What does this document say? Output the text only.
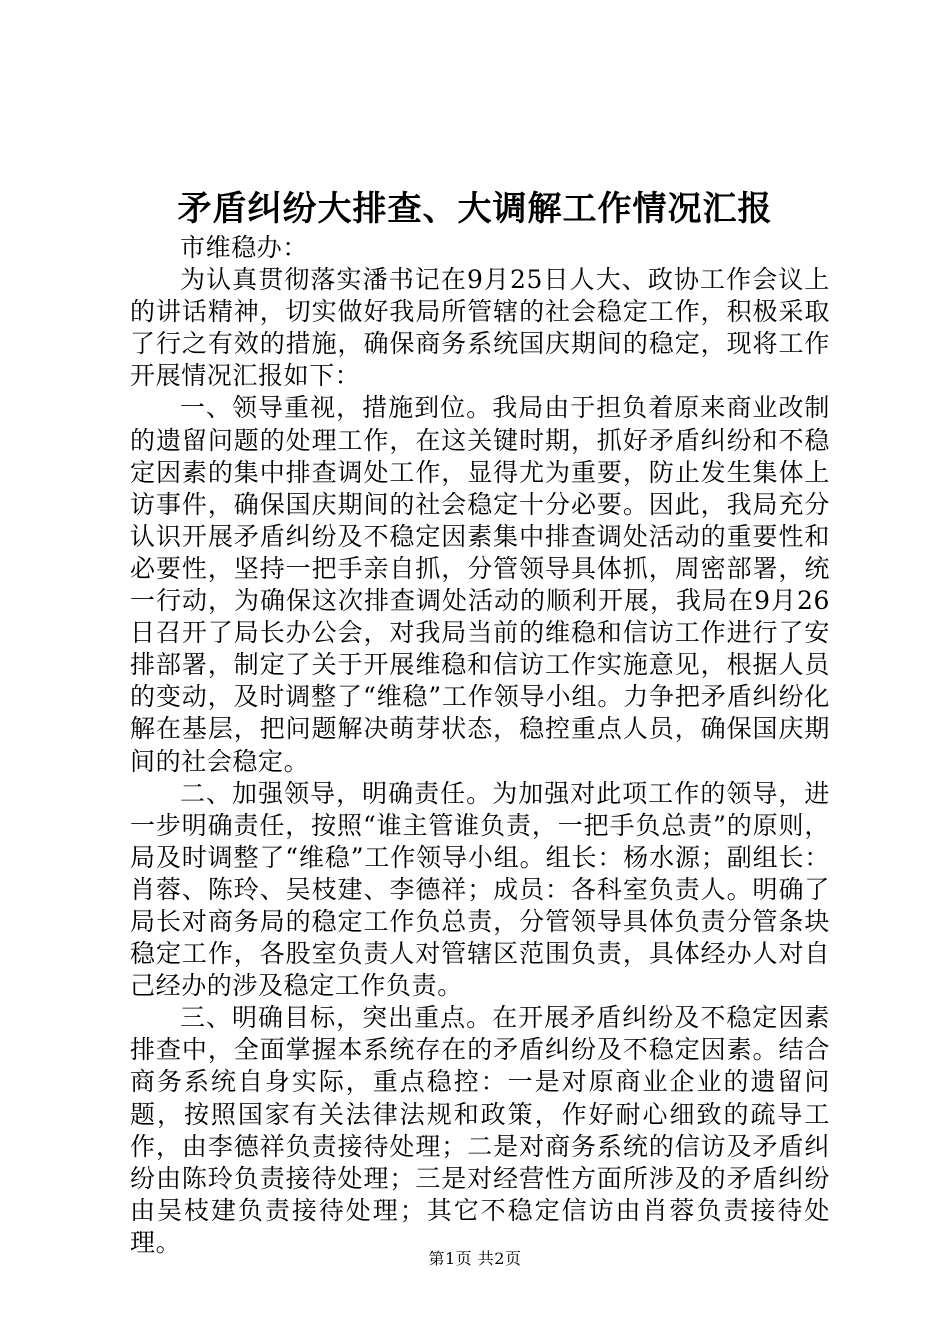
矛盾纠纷大排查、大调解工作情况汇报

市维稳办：

为认真贯彻落实潘书记在9月25日人大、政协工作会议上的讲话精神，切实做好我局所管辖的社会稳定工作，积极采取了行之有效的措施，确保商务系统国庆期间的稳定，现将工作开展情况汇报如下：

一、领导重视，措施到位。我局由于担负着原来商业改制的遗留问题的处理工作，在这关键时期，抓好矛盾纠纷和不稳定因素的集中排查调处工作，显得尤为重要，防止发生集体上访事件，确保国庆期间的社会稳定十分必要。因此，我局充分认识开展矛盾纠纷及不稳定因素集中排查调处活动的重要性和必要性，坚持一把手亲自抓，分管领导具体抓，周密部署，统一行动，为确保这次排查调处活动的顺利开展，我局在9月26日召开了局长办公会，对我局当前的维稳和信访工作进行了安排部署，制定了关于开展维稳和信访工作实施意见，根据人员的变动，及时调整了“维稳”工作领导小组。力争把矛盾纠纷化解在基层，把问题解决萌芽状态，稳控重点人员，确保国庆期间的社会稳定。

二、加强领导，明确责任。为加强对此项工作的领导，进一步明确责任，按照“谁主管谁负责，一把手负总责”的原则，局及时调整了“维稳”工作领导小组。组长：杨水源；副组长：肖蓉、陈玲、吴枝建、李德祥；成员：各科室负责人。明确了局长对商务局的稳定工作负总责，分管领导具体负责分管条块稳定工作，各股室负责人对管辖区范围负责，具体经办人对自己经办的涉及稳定工作负责。

三、明确目标，突出重点。在开展矛盾纠纷及不稳定因素排查中，全面掌握本系统存在的矛盾纠纷及不稳定因素。结合商务系统自身实际，重点稳控：一是对原商业企业的遗留问题，按照国家有关法律法规和政策，作好耐心细致的疏导工作，由李德祥负责接待处理；二是对商务系统的信访及矛盾纠纷由陈玲负责接待处理；三是对经营性方面所涉及的矛盾纠纷由吴枝建负责接待处理；其它不稳定信访由肖蓉负责接待处理。

第1页 共2页
